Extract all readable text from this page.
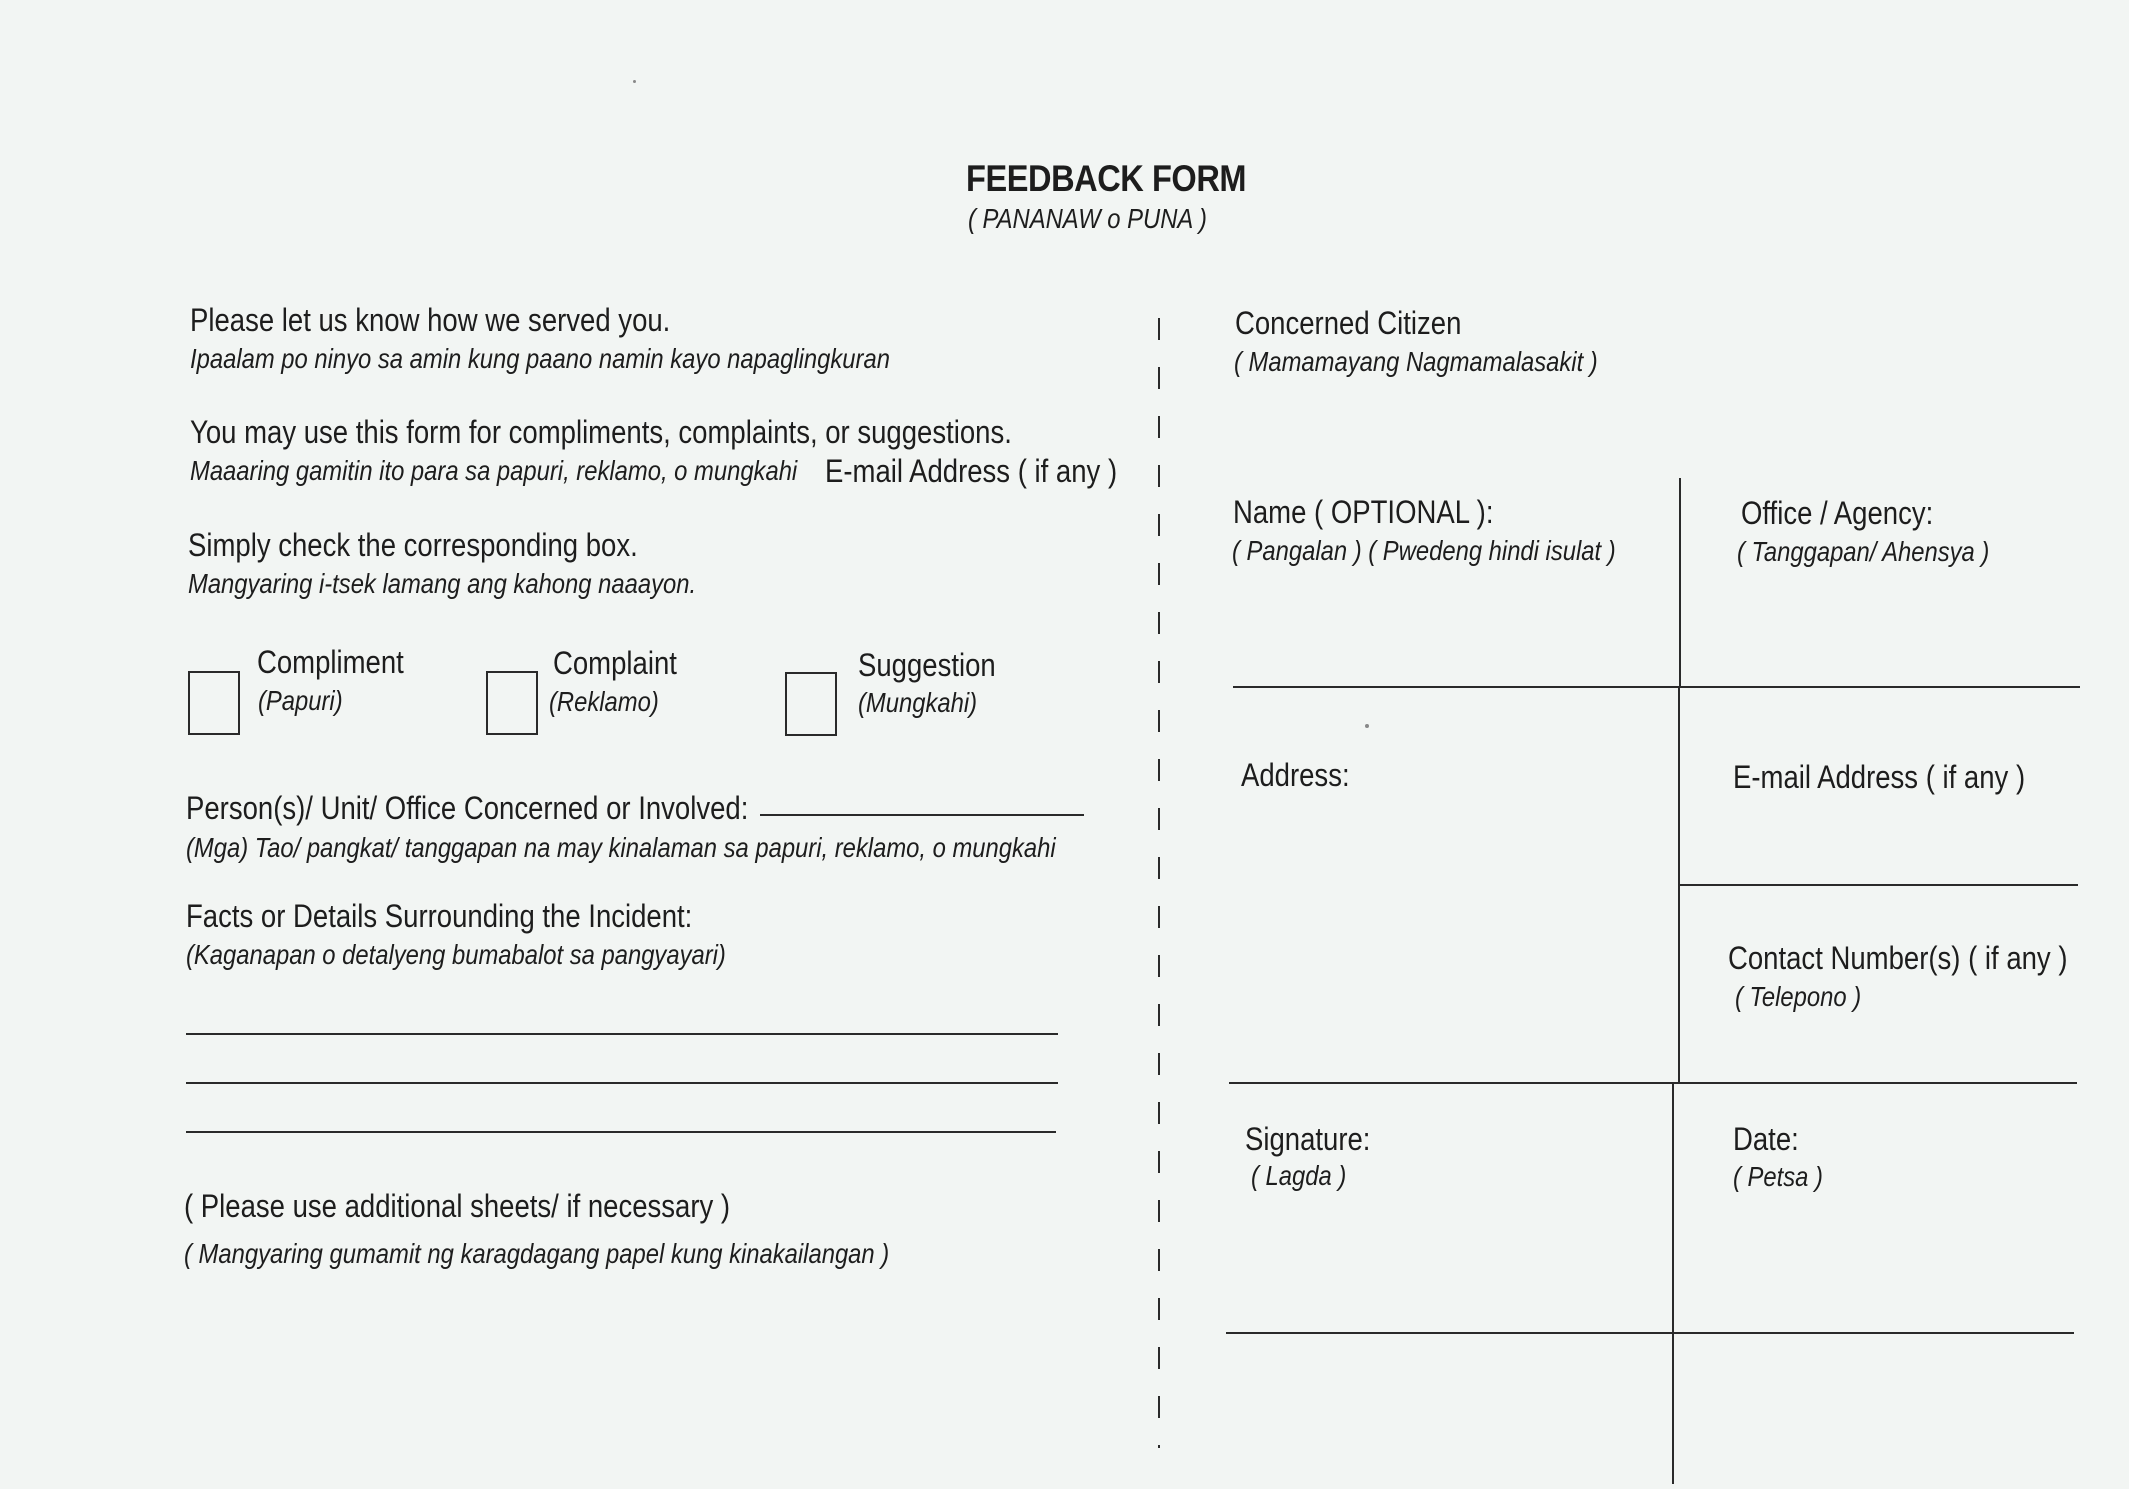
FEEDBACK FORM
( PANANAW o PUNA )
Please let us know how we served you.
Ipaalam po ninyo sa amin kung paano namin kayo napaglingkuran
You may use this form for compliments, complaints, or suggestions.
Maaaring gamitin ito para sa papuri, reklamo, o mungkahi E-mail Address ( if any )
Simply check the corresponding box.
Mangyaring i-tsek lamang ang kahong naaayon.
Compliment
(Papuri)
Complaint
(Reklamo)
Suggestion
(Mungkahi)
Person(s)/ Unit/ Office Concerned or Involved:
(Mga) Tao/ pangkat/ tanggapan na may kinalaman sa papuri, reklamo, o mungkahi
Facts or Details Surrounding the Incident:
(Kaganapan o detalyeng bumabalot sa pangyayari)
( Please use additional sheets/ if necessary )
( Mangyaring gumamit ng karagdagang papel kung kinakailangan )
Concerned Citizen
( Mamamayang Nagmamalasakit )
Name ( OPTIONAL ):
( Pangalan ) ( Pwedeng hindi isulat )
Office / Agency:
( Tanggapan/ Ahensya )
Address:	E-mail Address ( if any )
Contact Number(s) ( if any )
( Telepono )
Signature:
( Lagda )
Date:
( Petsa )
